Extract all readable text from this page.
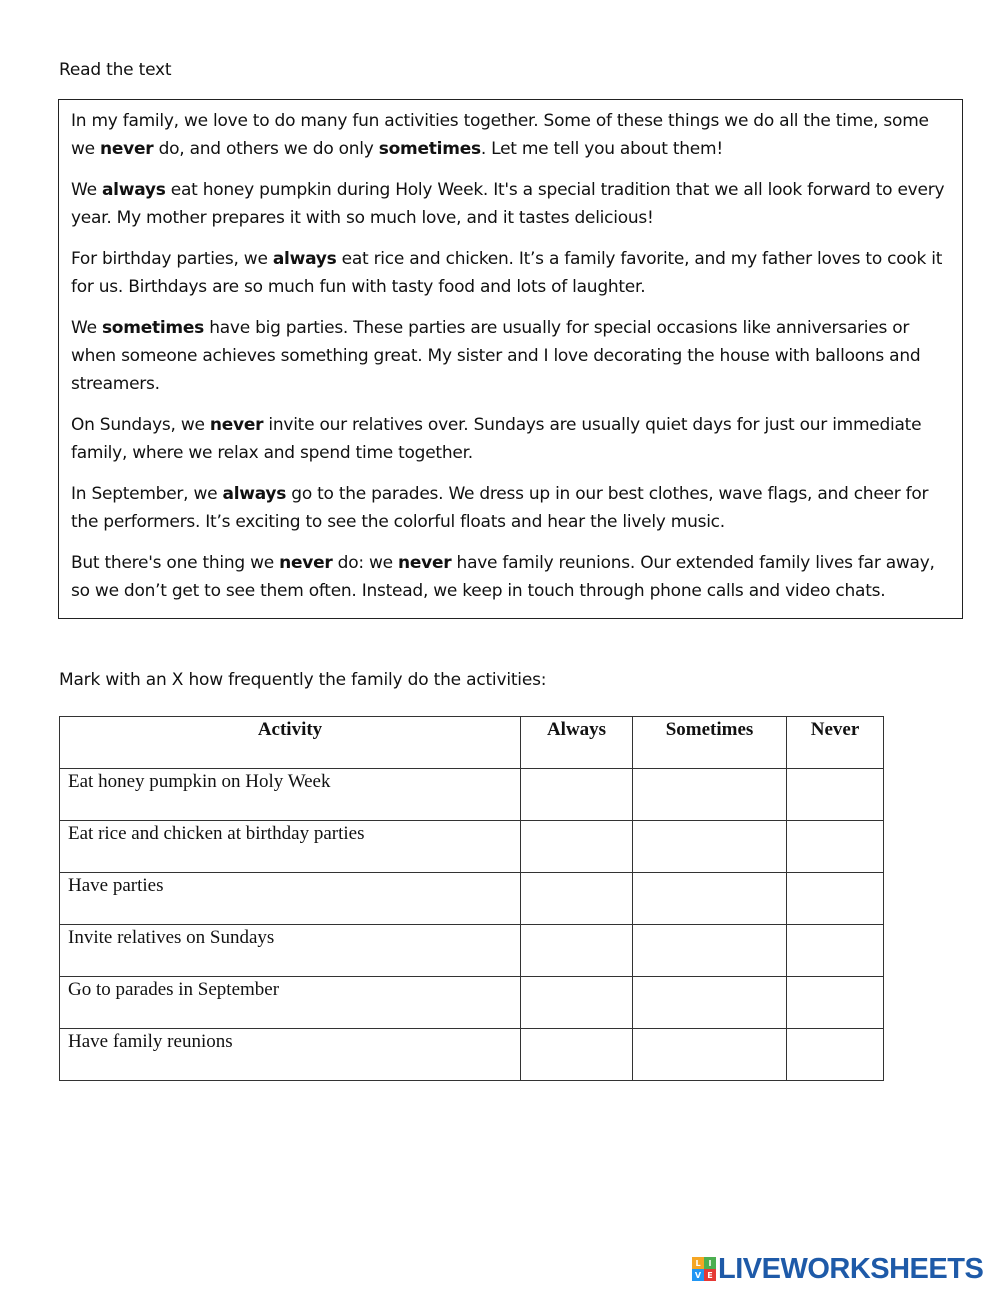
Read the text

In my family, we love to do many fun activities together. Some of these things we do all the time, some we never do, and others we do only sometimes. Let me tell you about them!

We always eat honey pumpkin during Holy Week. It's a special tradition that we all look forward to every year. My mother prepares it with so much love, and it tastes delicious!

For birthday parties, we always eat rice and chicken. It’s a family favorite, and my father loves to cook it for us. Birthdays are so much fun with tasty food and lots of laughter.

We sometimes have big parties. These parties are usually for special occasions like anniversaries or when someone achieves something great. My sister and I love decorating the house with balloons and streamers.

On Sundays, we never invite our relatives over. Sundays are usually quiet days for just our immediate family, where we relax and spend time together.

In September, we always go to the parades. We dress up in our best clothes, wave flags, and cheer for the performers. It’s exciting to see the colorful floats and hear the lively music.

But there's one thing we never do: we never have family reunions. Our extended family lives far away, so we don’t get to see them often. Instead, we keep in touch through phone calls and video chats.

Mark with an X how frequently the family do the activities:
Activity	Always	Sometimes	Never
Eat honey pumpkin on Holy Week			
Eat rice and chicken at birthday parties			
Have parties			
Invite relatives on Sundays			
Go to parades in September			
Have family reunions			
L I
V E LIVEWORKSHEETS
